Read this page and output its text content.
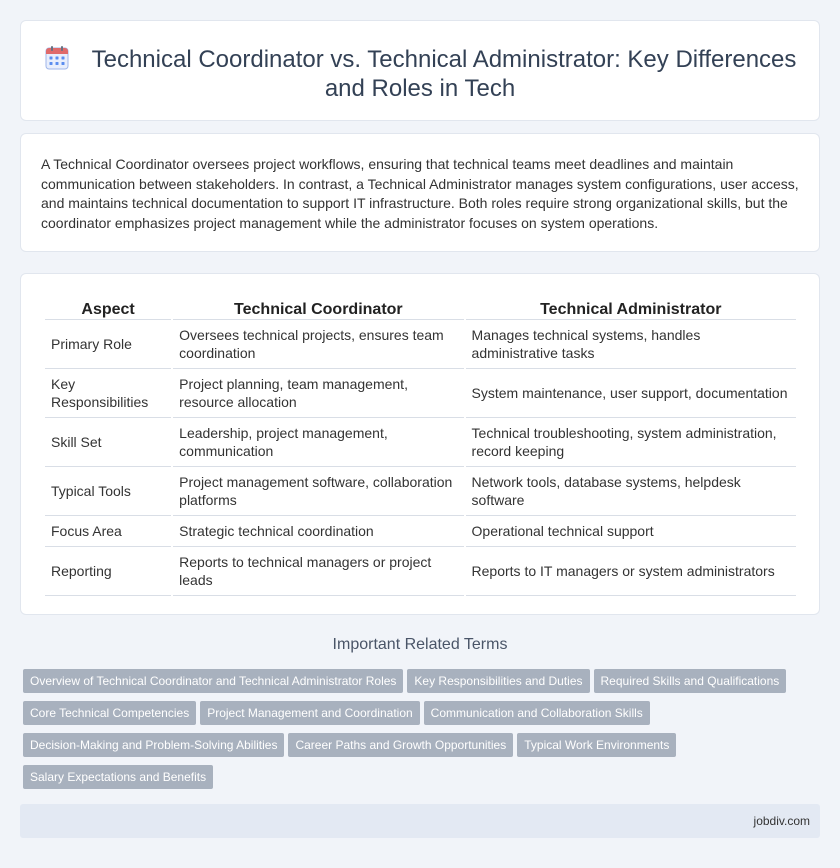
Technical Coordinator vs. Technical Administrator: Key Differences and Roles in Tech

A Technical Coordinator oversees project workflows, ensuring that technical teams meet deadlines and maintain communication between stakeholders. In contrast, a Technical Administrator manages system configurations, user access, and maintains technical documentation to support IT infrastructure. Both roles require strong organizational skills, but the coordinator emphasizes project management while the administrator focuses on system operations.

Aspect	Technical Coordinator	Technical Administrator
Primary Role	Oversees technical projects, ensures team coordination	Manages technical systems, handles administrative tasks
Key Responsibilities	Project planning, team management, resource allocation	System maintenance, user support, documentation
Skill Set	Leadership, project management, communication	Technical troubleshooting, system administration, record keeping
Typical Tools	Project management software, collaboration platforms	Network tools, database systems, helpdesk software
Focus Area	Strategic technical coordination	Operational technical support
Reporting	Reports to technical managers or project leads	Reports to IT managers or system administrators
Important Related Terms
Overview of Technical Coordinator and Technical Administrator Roles Key Responsibilities and Duties Required Skills and Qualifications
Core Technical Competencies Project Management and Coordination Communication and Collaboration Skills
Decision-Making and Problem-Solving Abilities Career Paths and Growth Opportunities Typical Work Environments
Salary Expectations and Benefits
jobdiv.com
